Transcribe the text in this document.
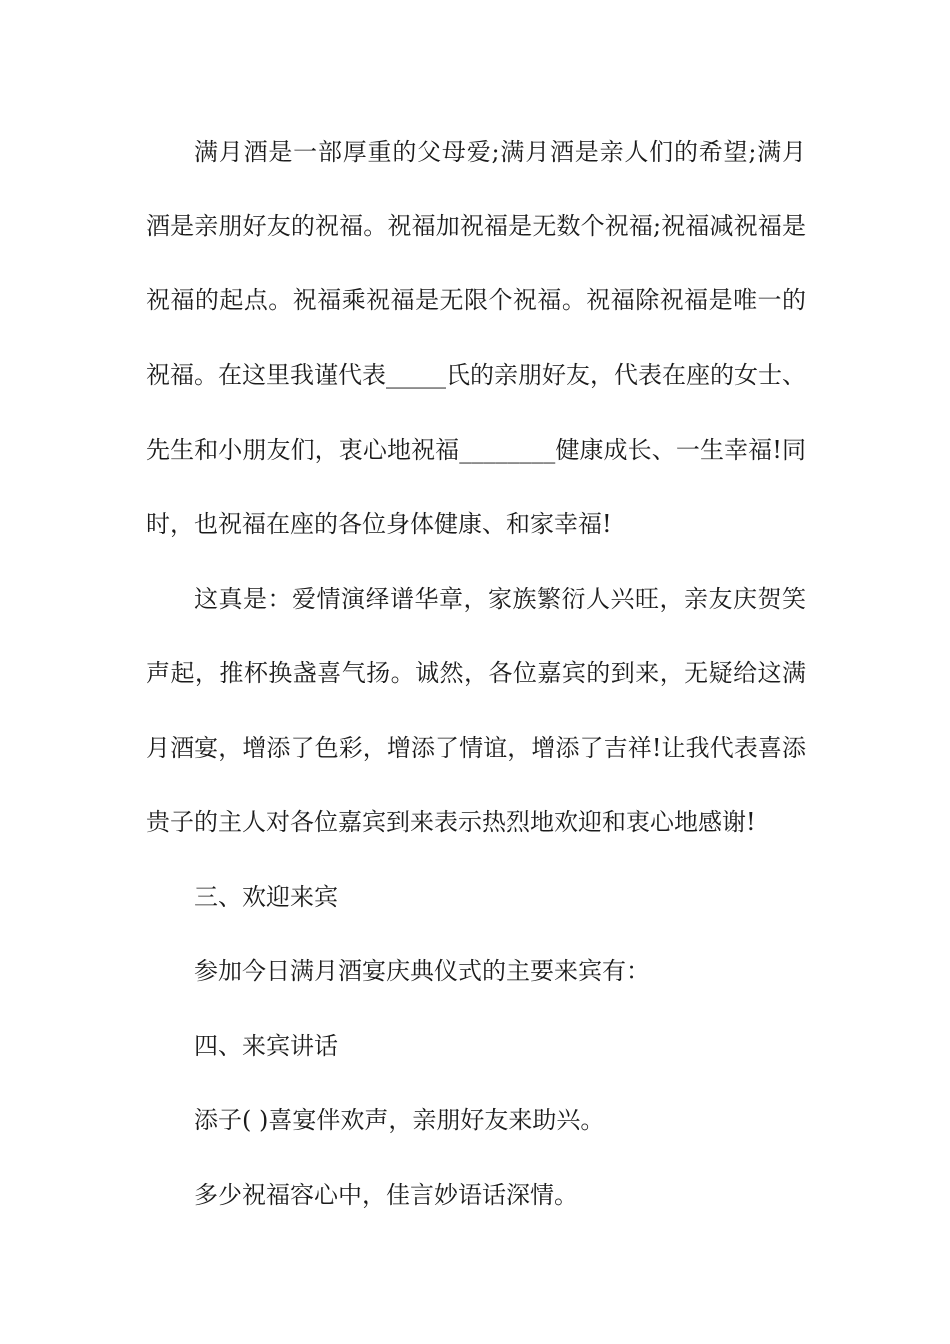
满月酒是一部厚重的父母爱;满月酒是亲人们的希望;满月
酒是亲朋好友的祝福。祝福加祝福是无数个祝福;祝福减祝福是
祝福的起点。祝福乘祝福是无限个祝福。祝福除祝福是唯一的
祝福。在这里我谨代表_____氏的亲朋好友，代表在座的女士、
先生和小朋友们，衷心地祝福________健康成长、一生幸福!同
时，也祝福在座的各位身体健康、和家幸福!
这真是：爱情演绎谱华章，家族繁衍人兴旺，亲友庆贺笑
声起，推杯换盏喜气扬。诚然，各位嘉宾的到来，无疑给这满
月酒宴，增添了色彩，增添了情谊，增添了吉祥!让我代表喜添
贵子的主人对各位嘉宾到来表示热烈地欢迎和衷心地感谢!
三、欢迎来宾
参加今日满月酒宴庆典仪式的主要来宾有：
四、来宾讲话
添子( )喜宴伴欢声，亲朋好友来助兴。
多少祝福容心中，佳言妙语话深情。
